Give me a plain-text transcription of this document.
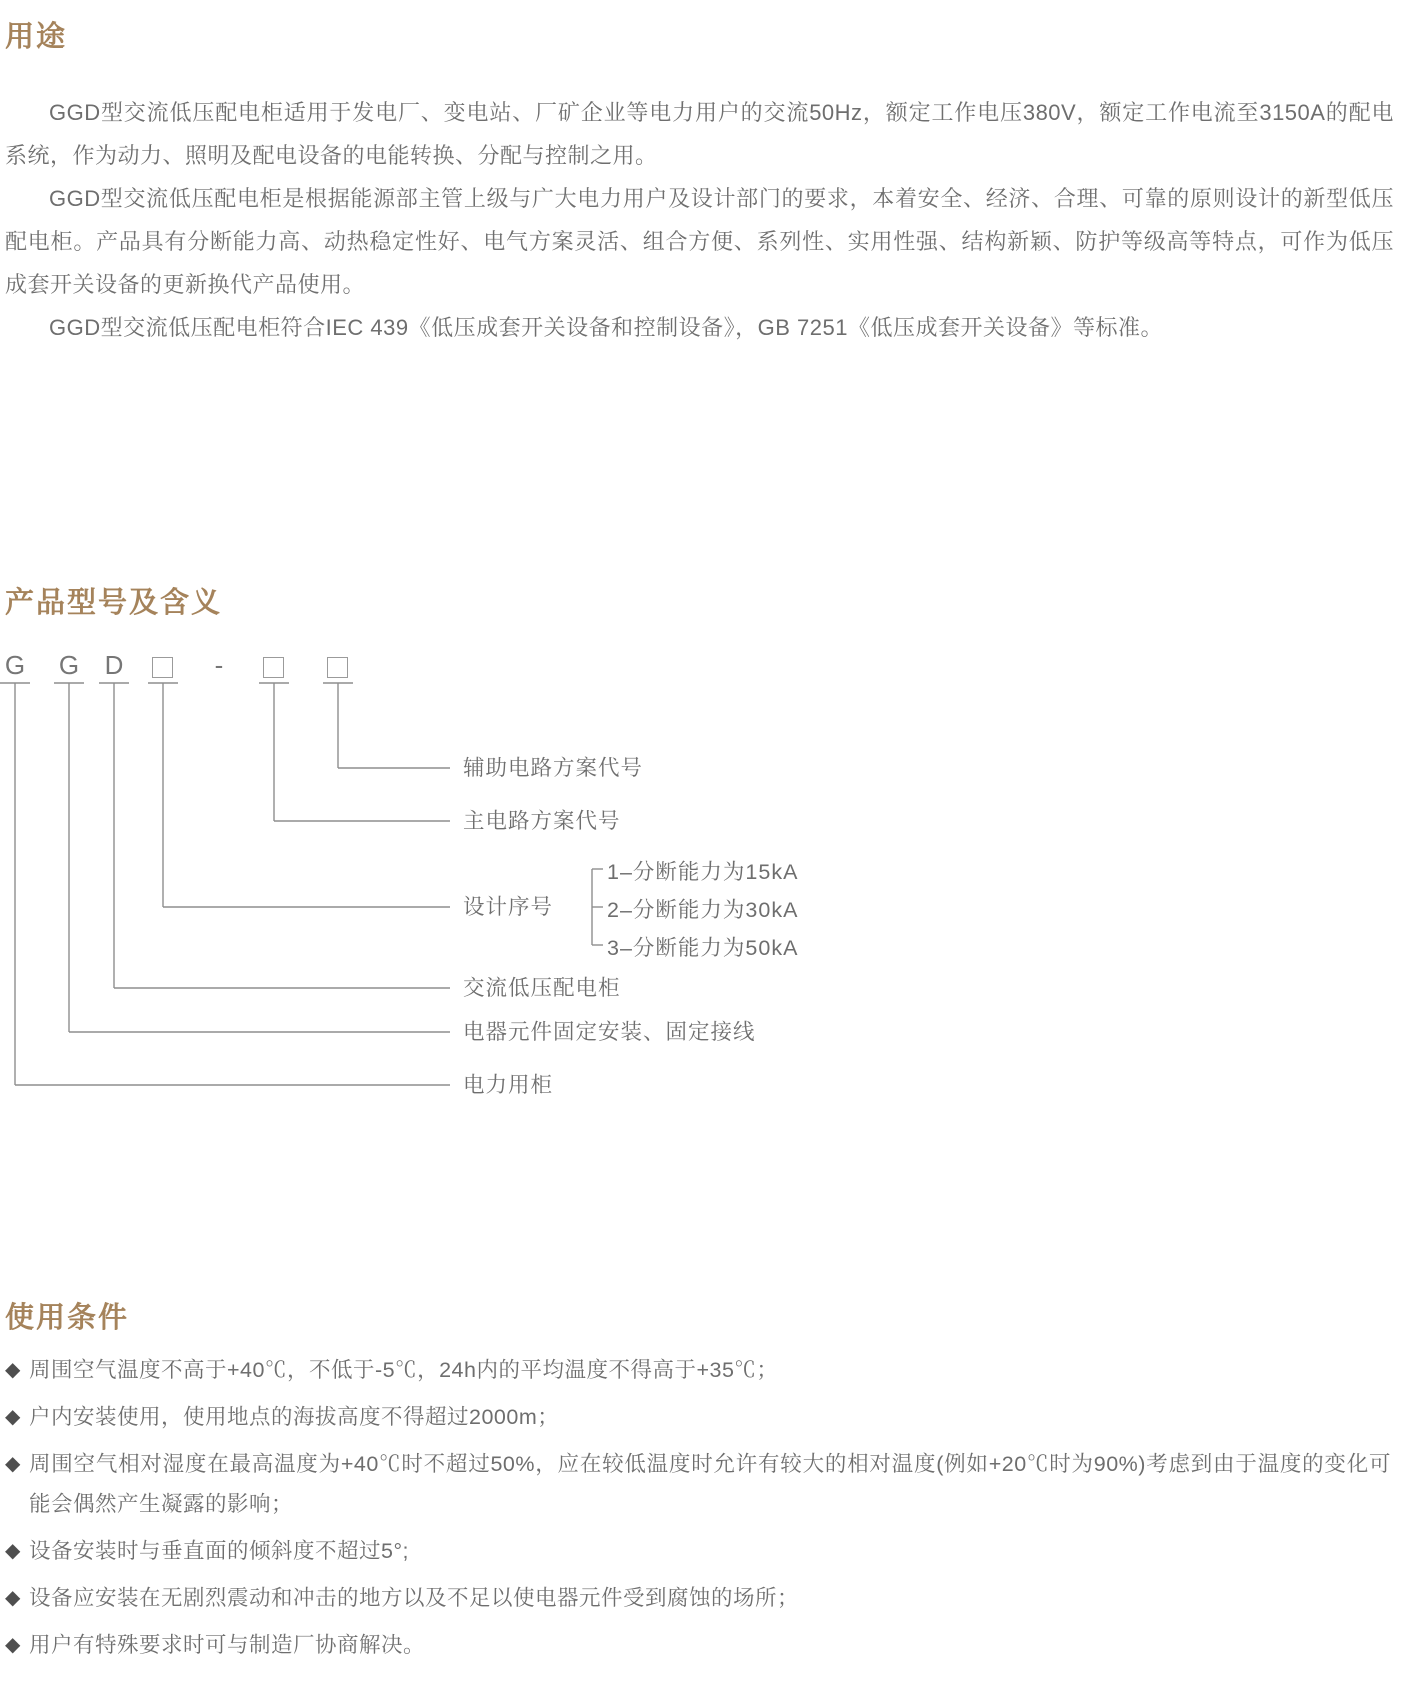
用途

GGD型交流低压配电柜适用于发电厂、变电站、厂矿企业等电力用户的交流50Hz，额定工作电压380V，额定工作电流至3150A的配电系统，作为动力、照明及配电设备的电能转换、分配与控制之用。

GGD型交流低压配电柜是根据能源部主管上级与广大电力用户及设计部门的要求，本着安全、经济、合理、可靠的原则设计的新型低压配电柜。产品具有分断能力高、动热稳定性好、电气方案灵活、组合方便、系列性、实用性强、结构新颖、防护等级高等特点，可作为低压成套开关设备的更新换代产品使用。

GGD型交流低压配电柜符合IEC 439《低压成套开关设备和控制设备》，GB 7251《低压成套开关设备》等标准。

产品型号及含义
G G D	-
辅助电路方案代号
主电路方案代号
设计序号
1–分断能力为15kA
2–分断能力为30kA
3–分断能力为50kA
交流低压配电柜
电器元件固定安装、固定接线
电力用柜
使用条件
◆ 周围空气温度不高于+40℃，不低于-5℃，24h内的平均温度不得高于+35℃；
◆ 户内安装使用，使用地点的海拔高度不得超过2000m；
◆ 周围空气相对湿度在最高温度为+40℃时不超过50%，应在较低温度时允许有较大的相对温度(例如+20℃时为90%)考虑到由于温度的变化可能会偶然产生凝露的影响；
◆ 设备安装时与垂直面的倾斜度不超过5°;
◆ 设备应安装在无剧烈震动和冲击的地方以及不足以使电器元件受到腐蚀的场所；
◆ 用户有特殊要求时可与制造厂协商解决。
